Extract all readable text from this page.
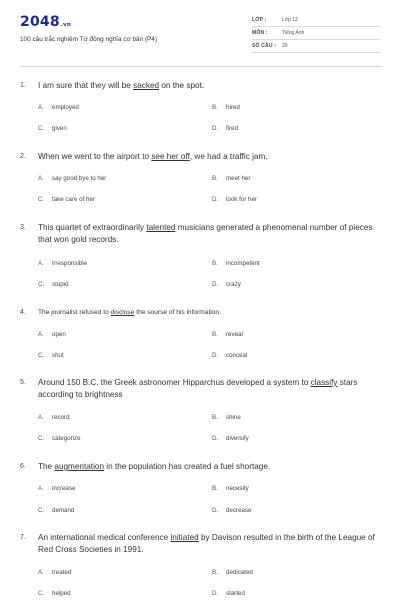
2048.vn
100 câu trắc nghiệm Từ đồng nghĩa cơ bản (P4)
LỚP :	Lớp 12
MÔN :	Tiếng Anh
SỐ CÂU : 20
1. I am sure that they will be sacked on the spot.
A. employed	B. hired
C. given	D. fired
2. When we went to the airport to see her off, we had a traffic jam.
A. say good bye to her	B. meet her
C. take care of her	D. look for her
3. This quartet of extraordinarily talented musicians generated a phenomenal number of pieces that won gold records.
A. irresponsible	B. incompetent
C. stupid	D. crazy
4. The journalist refused to disclose the sourse of his information.
A. open	B. reveal
C. shut	D. conceal
5. Around 150 B.C. the Greek astronomer Hipparchus developed a system to classify stars according to brightness
A. record	B. shine
C. categorize	D. diversify
6. The augmentation in the population has created a fuel shortage.
A. increase	B. necesity
C. demand	D. decrease
7. An international medical conference initiated by Davison resulted in the birth of the League of Red Cross Societies in 1991.
A. treated	B. dedicated
C. helped	D. started
